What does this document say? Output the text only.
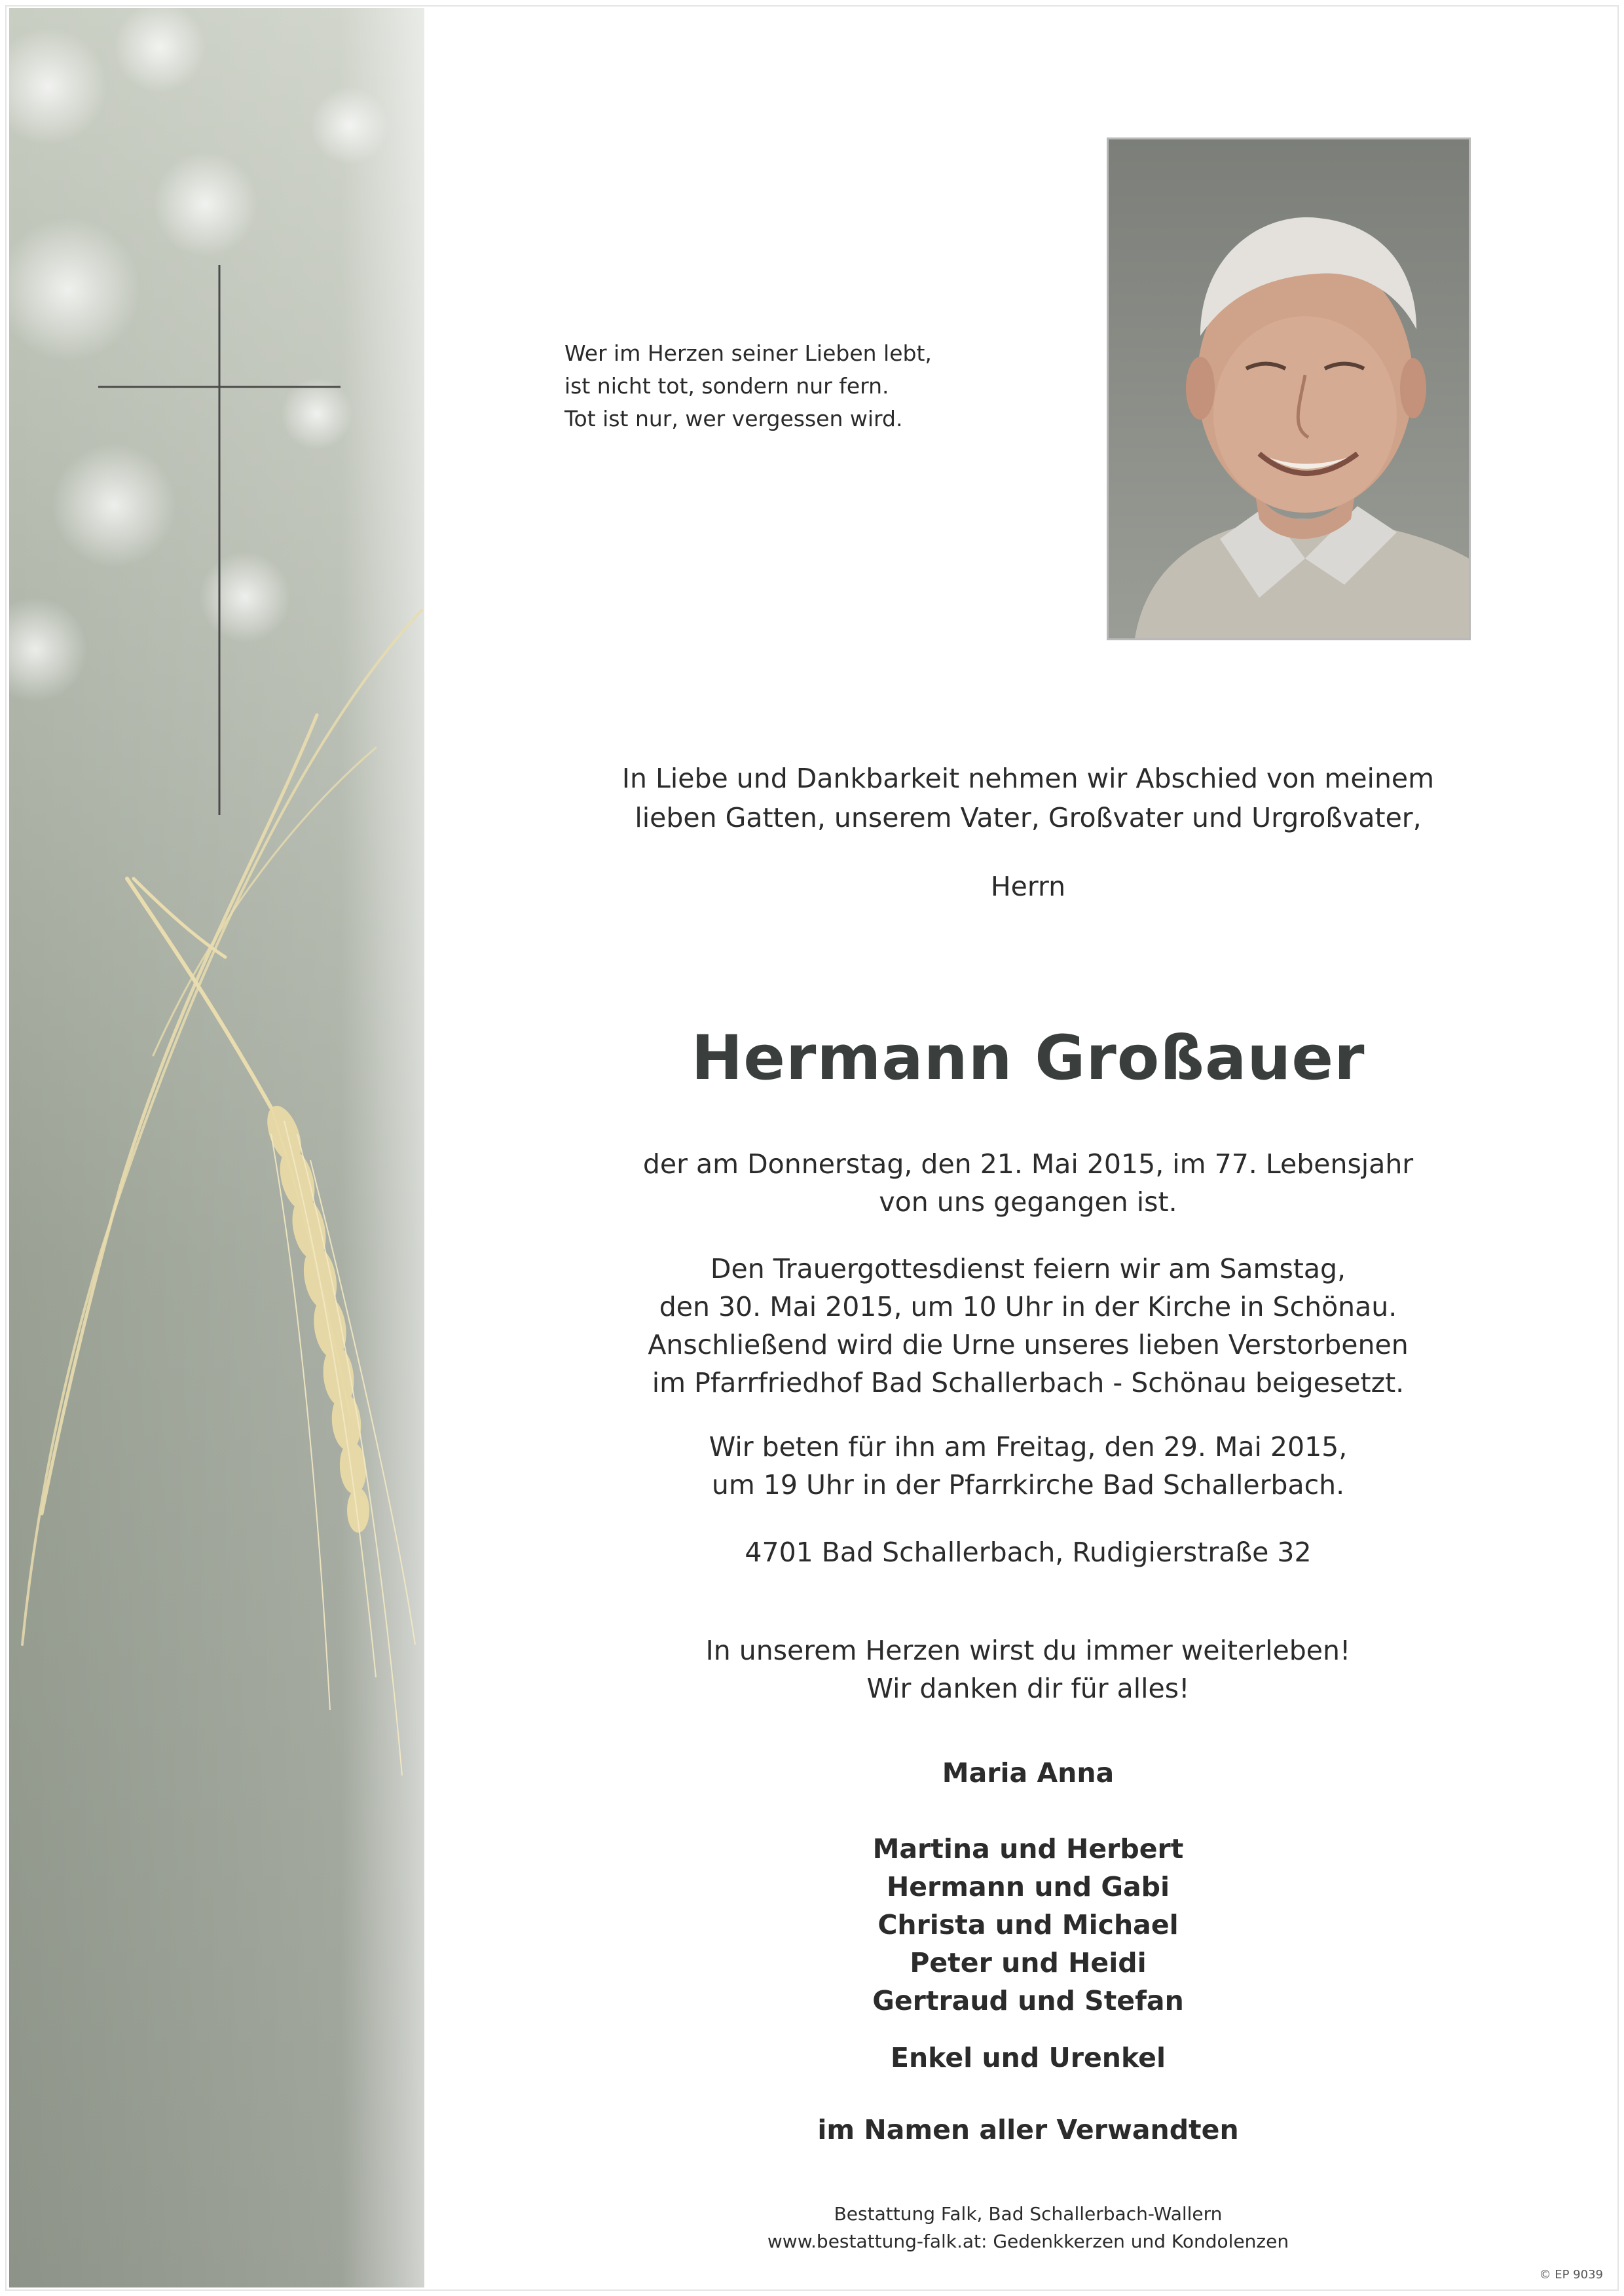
Wer im Herzen seiner Lieben lebt,
ist nicht tot, sondern nur fern.
Tot ist nur, wer vergessen wird.

In Liebe und Dankbarkeit nehmen wir Abschied von meinem
lieben Gatten, unserem Vater, Großvater und Urgroßvater,

Herrn

Hermann Großauer

der am Donnerstag, den 21. Mai 2015, im 77. Lebensjahr
von uns gegangen ist.

Den Trauergottesdienst feiern wir am Samstag,
den 30. Mai 2015, um 10 Uhr in der Kirche in Schönau.
Anschließend wird die Urne unseres lieben Verstorbenen
im Pfarrfriedhof Bad Schallerbach - Schönau beigesetzt.

Wir beten für ihn am Freitag, den 29. Mai 2015,
um 19 Uhr in der Pfarrkirche Bad Schallerbach.

4701 Bad Schallerbach, Rudigierstraße 32

In unserem Herzen wirst du immer weiterleben!
Wir danken dir für alles!

Maria Anna

Martina und Herbert
Hermann und Gabi
Christa und Michael
Peter und Heidi
Gertraud und Stefan

Enkel und Urenkel

im Namen aller Verwandten

Bestattung Falk, Bad Schallerbach-Wallern
www.bestattung-falk.at: Gedenkkerzen und Kondolenzen

© EP 9039
